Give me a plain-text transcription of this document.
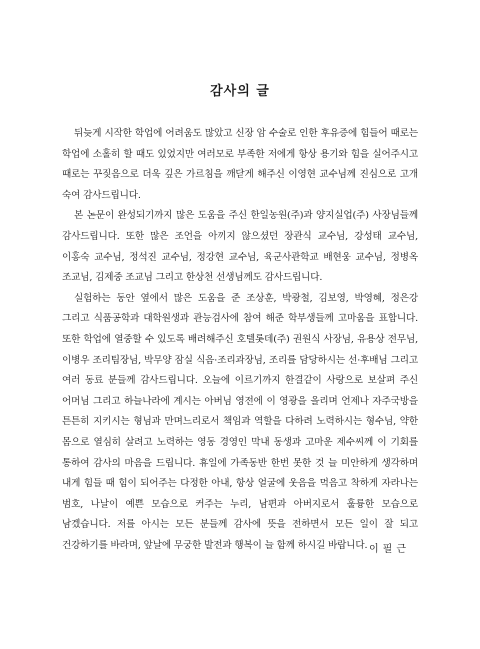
감사의 글

뒤늦게 시작한 학업에 어려움도 많았고 신장 암 수술로 인한 후유증에 힘들어 때로는 학업에 소홀히 할 때도 있었지만 여러모로 부족한 저에게 항상 용기와 힘을 실어주시고 때로는 꾸짖음으로 더욱 깊은 가르침을 깨닫게 해주신 이영현 교수님께 진심으로 고개 숙여 감사드립니다.

본 논문이 완성되기까지 많은 도움을 주신 한일농원(주)과 양지실업(주) 사장님들께 감사드립니다. 또한 많은 조언을 아끼지 않으셨던 장관식 교수님, 강성태 교수님, 이홍숙 교수님, 정석진 교수님, 정강현 교수님, 육군사관학교 배현웅 교수님, 정병옥 조교님, 김제중 조교님 그리고 한상천 선생님께도 감사드립니다.

실험하는 동안 옆에서 많은 도움을 준 조상훈, 박광철, 김보영, 박영혜, 정은강 그리고 식품공학과 대학원생과 관능검사에 참여 해준 학부생들께 고마움을 표합니다. 또한 학업에 열중할 수 있도록 배려해주신 호텔롯데(주) 권원식 사장님, 유용상 전무님, 이병우 조리팀장님, 박무양 잠실 식음·조리과장님, 조리를 담당하시는 선·후배님 그리고 여러 동료 분들께 감사드립니다. 오늘에 이르기까지 한결같이 사랑으로 보살펴 주신 어머님 그리고 하늘나라에 계시는 아버님 영전에 이 영광을 올리며 언제나 자주국방을 튼튼히 지키시는 형님과 만며느리로서 책임과 역할을 다하려 노력하시는 형수님, 약한 몸으로 열심히 살려고 노력하는 영동 경영인 막내 동생과 고마운 제수씨께 이 기회를 통하여 감사의 마음을 드립니다. 휴일에 가족동반 한번 못한 것 늘 미안하게 생각하며 내게 힘들 때 힘이 되어주는 다정한 아내, 항상 얼굴에 웃음을 먹음고 착하게 자라나는 범호, 나날이 예쁜 모습으로 커주는 누리, 남편과 아버지로서 훌륭한 모습으로 남겠습니다. 저를 아시는 모든 분들께 감사에 뜻을 전하면서 모든 일이 잘 되고 건강하기를 바라며, 앞날에 무궁한 발전과 행복이 늘 함께 하시길 바랍니다. 이필근
